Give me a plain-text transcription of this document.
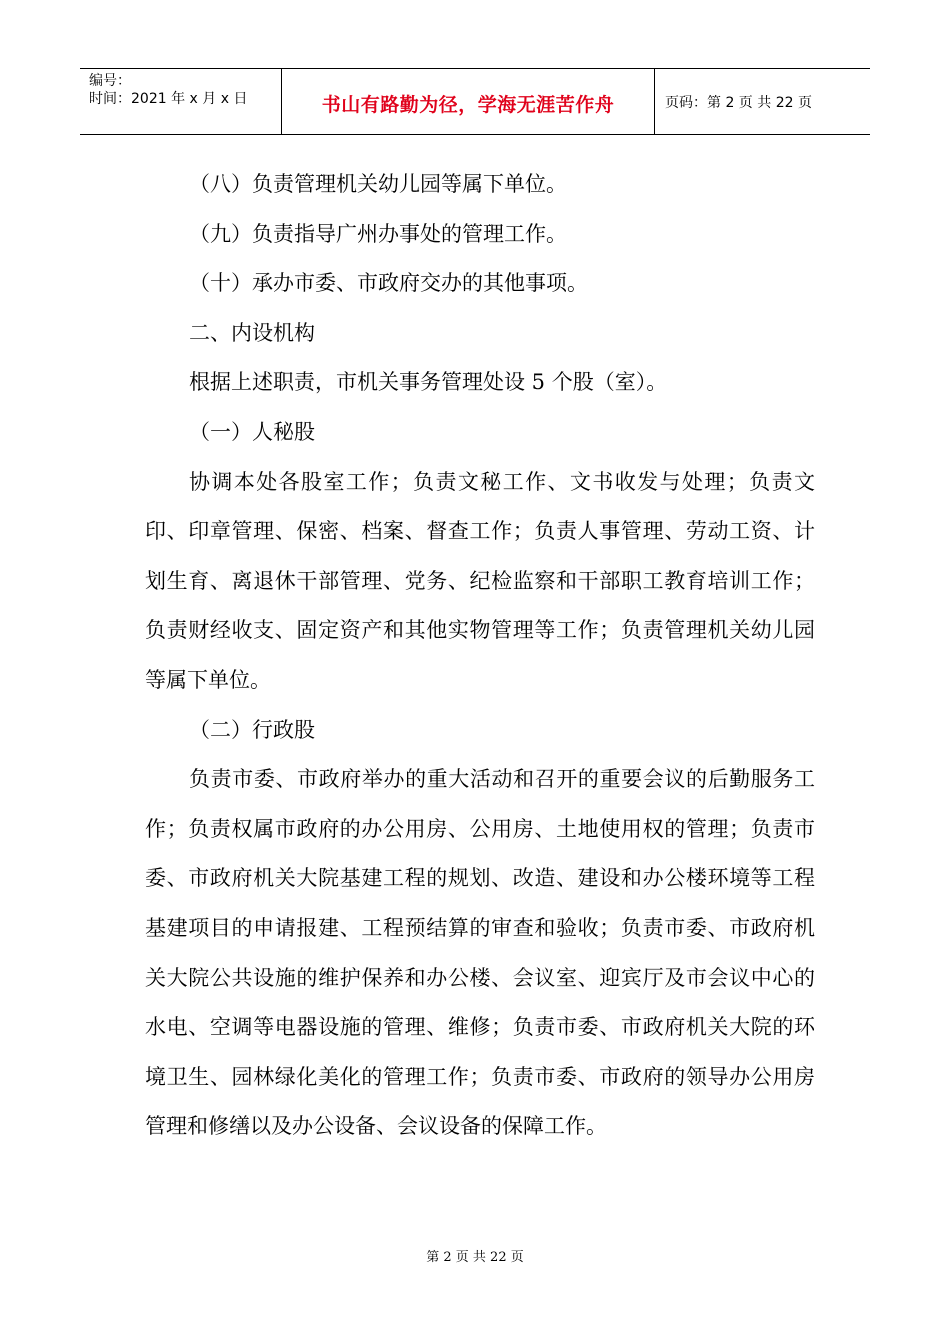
编号：
时间：2021 年 x 月 x 日	书山有路勤为径，学海无涯苦作舟	页码：第 2 页 共 22 页

（八）负责管理机关幼儿园等属下单位。

（九）负责指导广州办事处的管理工作。

（十）承办市委、市政府交办的其他事项。

二、内设机构

根据上述职责，市机关事务管理处设 5 个股（室）。

（一）人秘股

协调本处各股室工作；负责文秘工作、文书收发与处理；负责文印、印章管理、保密、档案、督查工作；负责人事管理、劳动工资、计划生育、离退休干部管理、党务、纪检监察和干部职工教育培训工作；负责财经收支、固定资产和其他实物管理等工作；负责管理机关幼儿园等属下单位。

（二）行政股

负责市委、市政府举办的重大活动和召开的重要会议的后勤服务工作；负责权属市政府的办公用房、公用房、土地使用权的管理；负责市委、市政府机关大院基建工程的规划、改造、建设和办公楼环境等工程基建项目的申请报建、工程预结算的审查和验收；负责市委、市政府机关大院公共设施的维护保养和办公楼、会议室、迎宾厅及市会议中心的水电、空调等电器设施的管理、维修；负责市委、市政府机关大院的环境卫生、园林绿化美化的管理工作；负责市委、市政府的领导办公用房管理和修缮以及办公设备、会议设备的保障工作。

第 2 页 共 22 页
